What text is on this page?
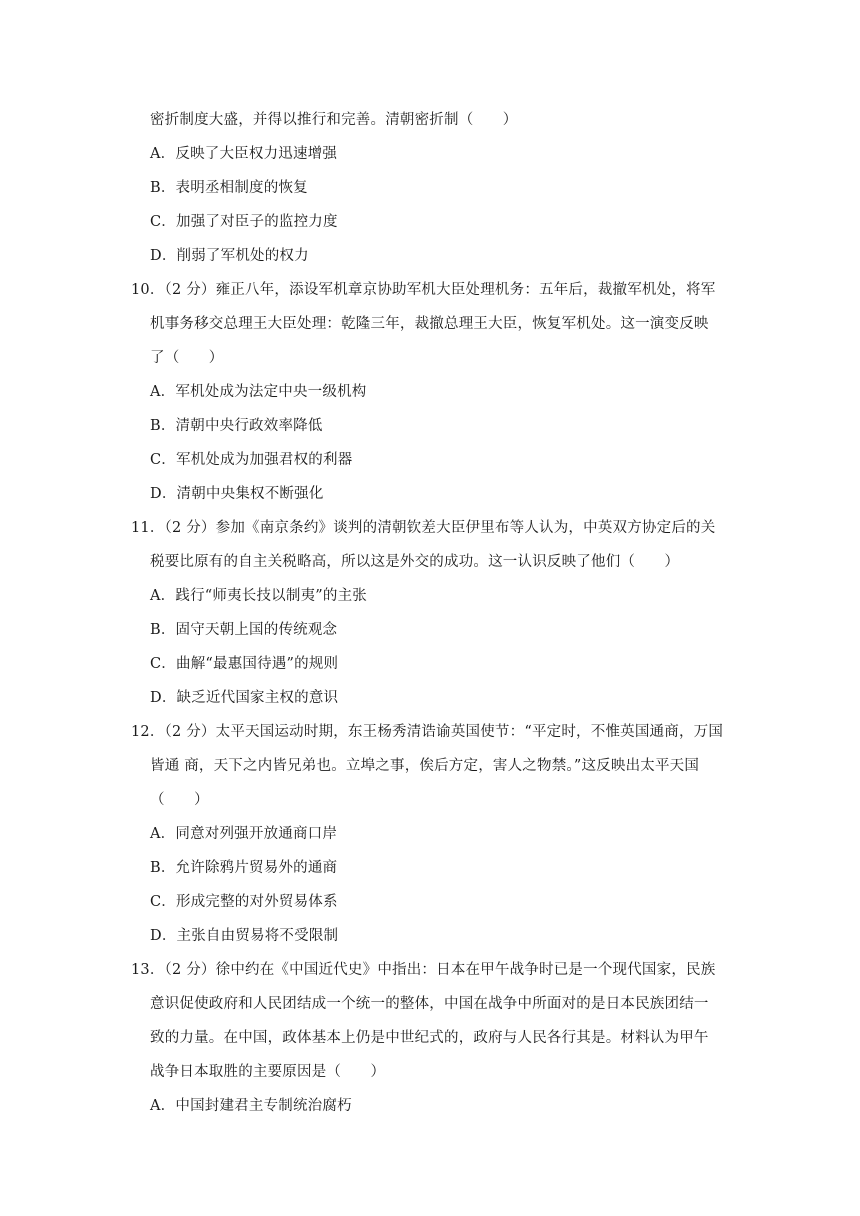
密折制度大盛，并得以推行和完善。清朝密折制（　　）
A．反映了大臣权力迅速增强
B．表明丞相制度的恢复
C．加强了对臣子的监控力度
D．削弱了军机处的权力
10．（2 分）雍正八年，添设军机章京协助军机大臣处理机务：五年后，裁撤军机处，将军
机事务移交总理王大臣处理：乾隆三年，裁撤总理王大臣，恢复军机处。这一演变反映
了（　　）
A．军机处成为法定中央一级机构
B．清朝中央行政效率降低
C．军机处成为加强君权的利器
D．清朝中央集权不断强化
11．（2 分）参加《南京条约》谈判的清朝钦差大臣伊里布等人认为，中英双方协定后的关
税要比原有的自主关税略高，所以这是外交的成功。这一认识反映了他们（　　）
A．践行“师夷长技以制夷”的主张
B．固守天朝上国的传统观念
C．曲解“最惠国待遇”的规则
D．缺乏近代国家主权的意识
12．（2 分）太平天国运动时期，东王杨秀清诰谕英国使节：“平定时，不惟英国通商，万国
皆通 商，天下之内皆兄弟也。立埠之事，俟后方定，害人之物禁。”这反映出太平天国
（　　）
A．同意对列强开放通商口岸
B．允许除鸦片贸易外的通商
C．形成完整的对外贸易体系
D．主张自由贸易将不受限制
13．（2 分）徐中约在《中国近代史》中指出：日本在甲午战争时已是一个现代国家，民族
意识促使政府和人民团结成一个统一的整体，中国在战争中所面对的是日本民族团结一
致的力量。在中国，政体基本上仍是中世纪式的，政府与人民各行其是。材料认为甲午
战争日本取胜的主要原因是（　　）
A．中国封建君主专制统治腐朽
